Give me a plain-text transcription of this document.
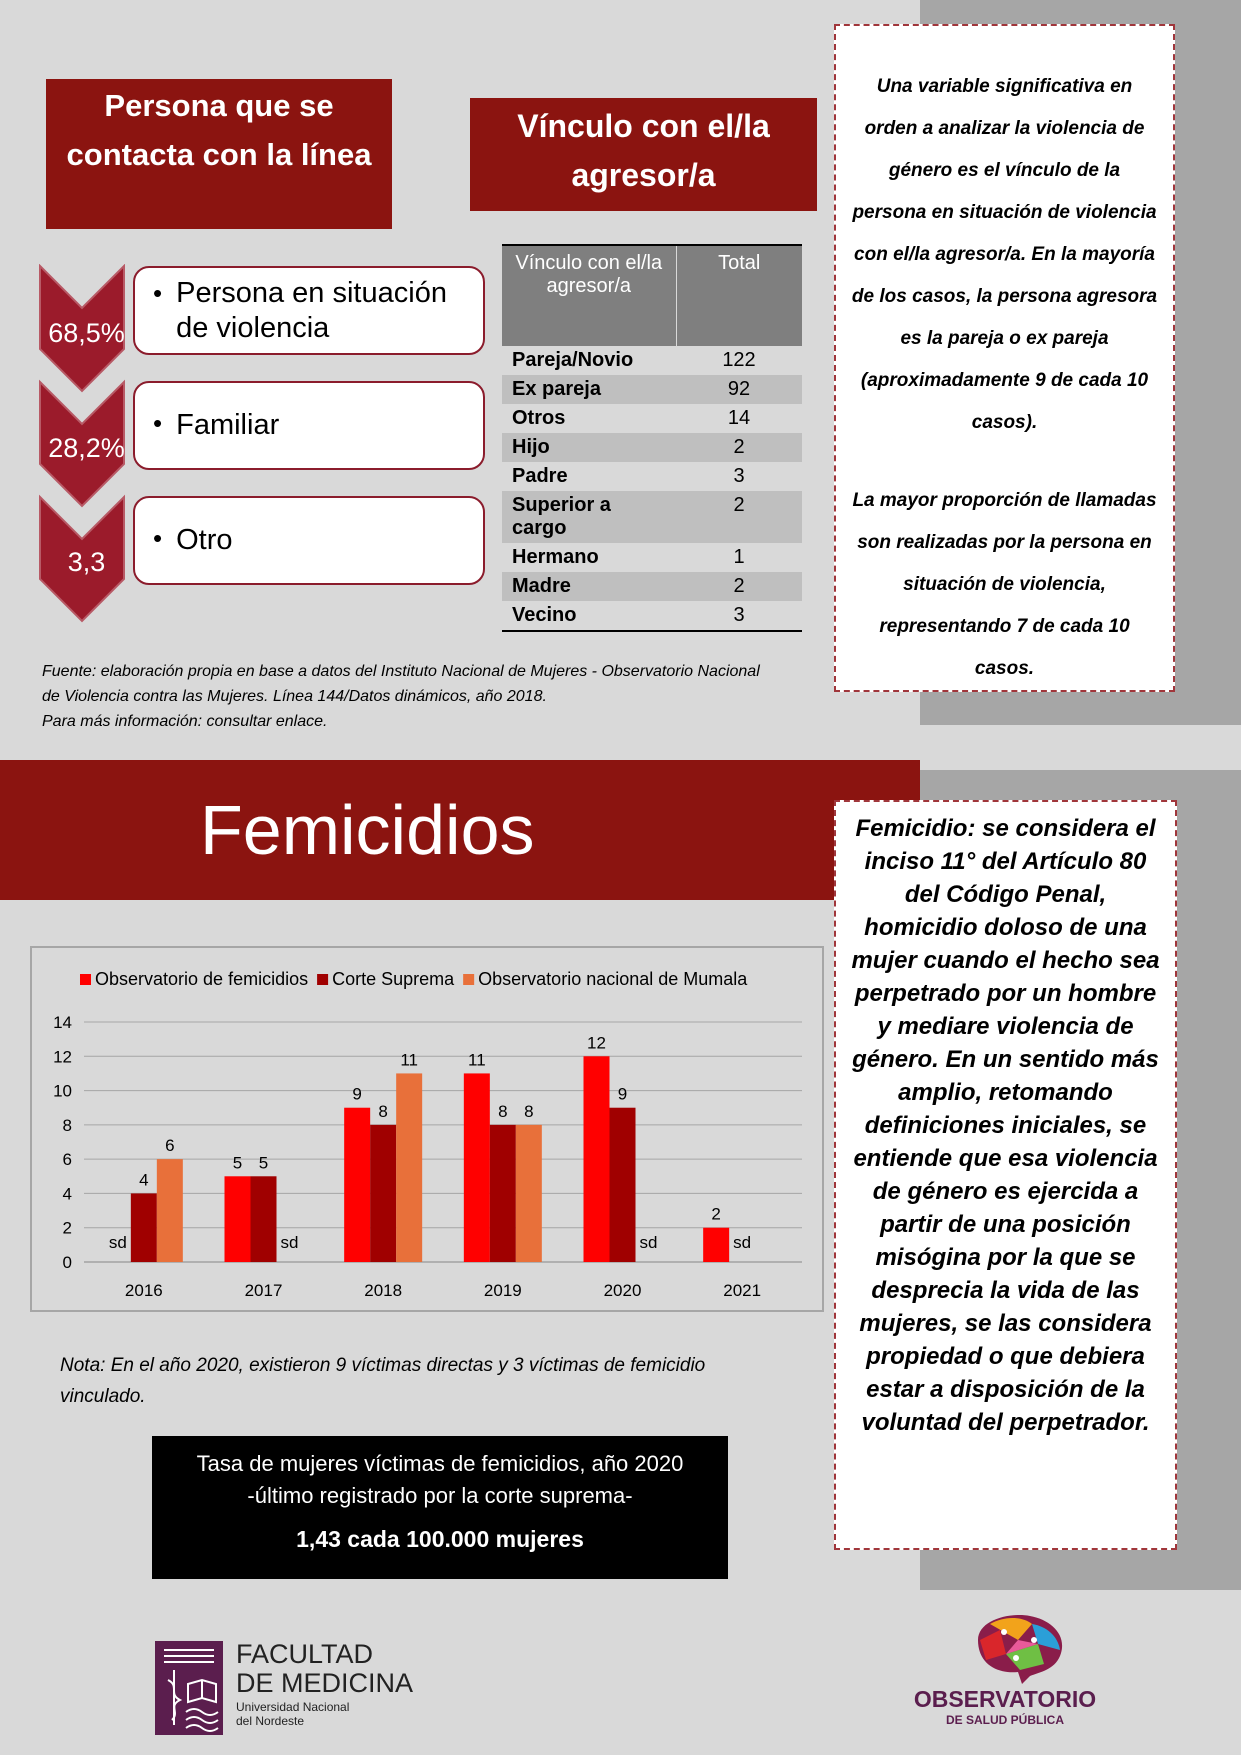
Persona que se contacta con la línea
68,5%
28,2%
3,3
• Persona en situación
de violencia
• Familiar
• Otro
Vínculo con el/la agresor/a
Vínculo con el/la agresor/a	Total
Pareja/Novio	122
Ex pareja	92
Otros	14
Hijo	2
Padre	3
Superior a cargo	2
Hermano	1
Madre	2
Vecino	3
Fuente: elaboración propia en base a datos del Instituto Nacional de Mujeres - Observatorio Nacional
de Violencia contra las Mujeres. Línea 144/Datos dinámicos, año 2018.
Para más información: consultar enlace.

Una variable significativa en orden a analizar la violencia de género es el vínculo de la persona en situación de violencia con el/la agresor/a. En la mayoría de los casos, la persona agresora es la pareja o ex pareja (aproximadamente 9 de cada 10 casos).

La mayor proporción de llamadas son realizadas por la persona en situación de violencia, representando 7 de cada 10 casos.

Femicidios	Femicidio: se considera el inciso 11° del Artículo 80 del Código Penal, homicidio doloso de una mujer cuando el hecho sea perpetrado por un hombre y mediare violencia de género. En un sentido más amplio, retomando definiciones iniciales, se entiende que esa violencia de género es ejercida a partir de una posición misógina por la que se desprecia la vida de las mujeres, se las considera propiedad o que debiera estar a disposición de la voluntad del perpetrador.
0
2
4
6
8
10
12
14
Observatorio de femicidios Corte Suprema Observatorio nacional de Mumala
2016
sd
4
6
2017
5 5
sd
2018
9
8
11
2019
11
8 8
2020
12
9
sd
2021
2
sd
Nota: En el año 2020, existieron 9 víctimas directas y 3 víctimas de femicidio
vinculado.
Tasa de mujeres víctimas de femicidios, año 2020
-último registrado por la corte suprema-
1,43 cada 100.000 mujeres
FACULTAD
DE MEDICINA
Universidad Nacional
del Nordeste
OBSERVATORIO
DE SALUD PÚBLICA
